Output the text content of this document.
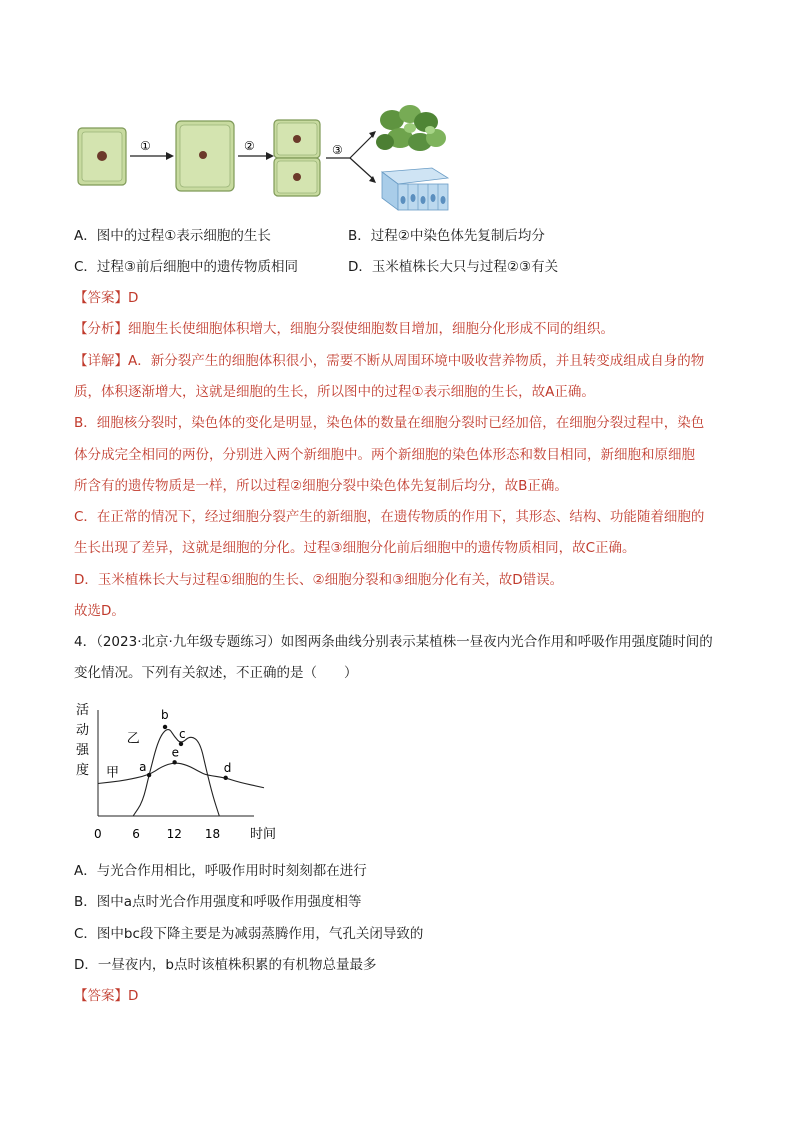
①	②	③
A．图中的过程①表示细胞的生长	B．过程②中染色体先复制后均分
C．过程③前后细胞中的遗传物质相同	D．玉米植株长大只与过程②③有关
【答案】D
【分析】细胞生长使细胞体积增大，细胞分裂使细胞数目增加，细胞分化形成不同的组织。
【详解】A．新分裂产生的细胞体积很小，需要不断从周围环境中吸收营养物质，并且转变成组成自身的物
质，体积逐渐增大，这就是细胞的生长，所以图中的过程①表示细胞的生长，故A正确。
B．细胞核分裂时，染色体的变化是明显，染色体的数量在细胞分裂时已经加倍，在细胞分裂过程中，染色
体分成完全相同的两份，分别进入两个新细胞中。两个新细胞的染色体形态和数目相同，新细胞和原细胞
所含有的遗传物质是一样，所以过程②细胞分裂中染色体先复制后均分，故B正确。
C．在正常的情况下，经过细胞分裂产生的新细胞，在遗传物质的作用下，其形态、结构、功能随着细胞的
生长出现了差异，这就是细胞的分化。过程③细胞分化前后细胞中的遗传物质相同，故C正确。
D．玉米植株长大与过程①细胞的生长、②细胞分裂和③细胞分化有关，故D错误。
故选D。
4．（2023·北京·九年级专题练习）如图两条曲线分别表示某植株一昼夜内光合作用和呼吸作用强度随时间的
变化情况。下列有关叙述，不正确的是（　　）
活动强度
0	6 12 18 时间
甲
乙
a
b
c
e
d
A．与光合作用相比，呼吸作用时时刻刻都在进行
B．图中a点时光合作用强度和呼吸作用强度相等
C．图中bc段下降主要是为减弱蒸腾作用，气孔关闭导致的
D．一昼夜内，b点时该植株积累的有机物总量最多
【答案】D
